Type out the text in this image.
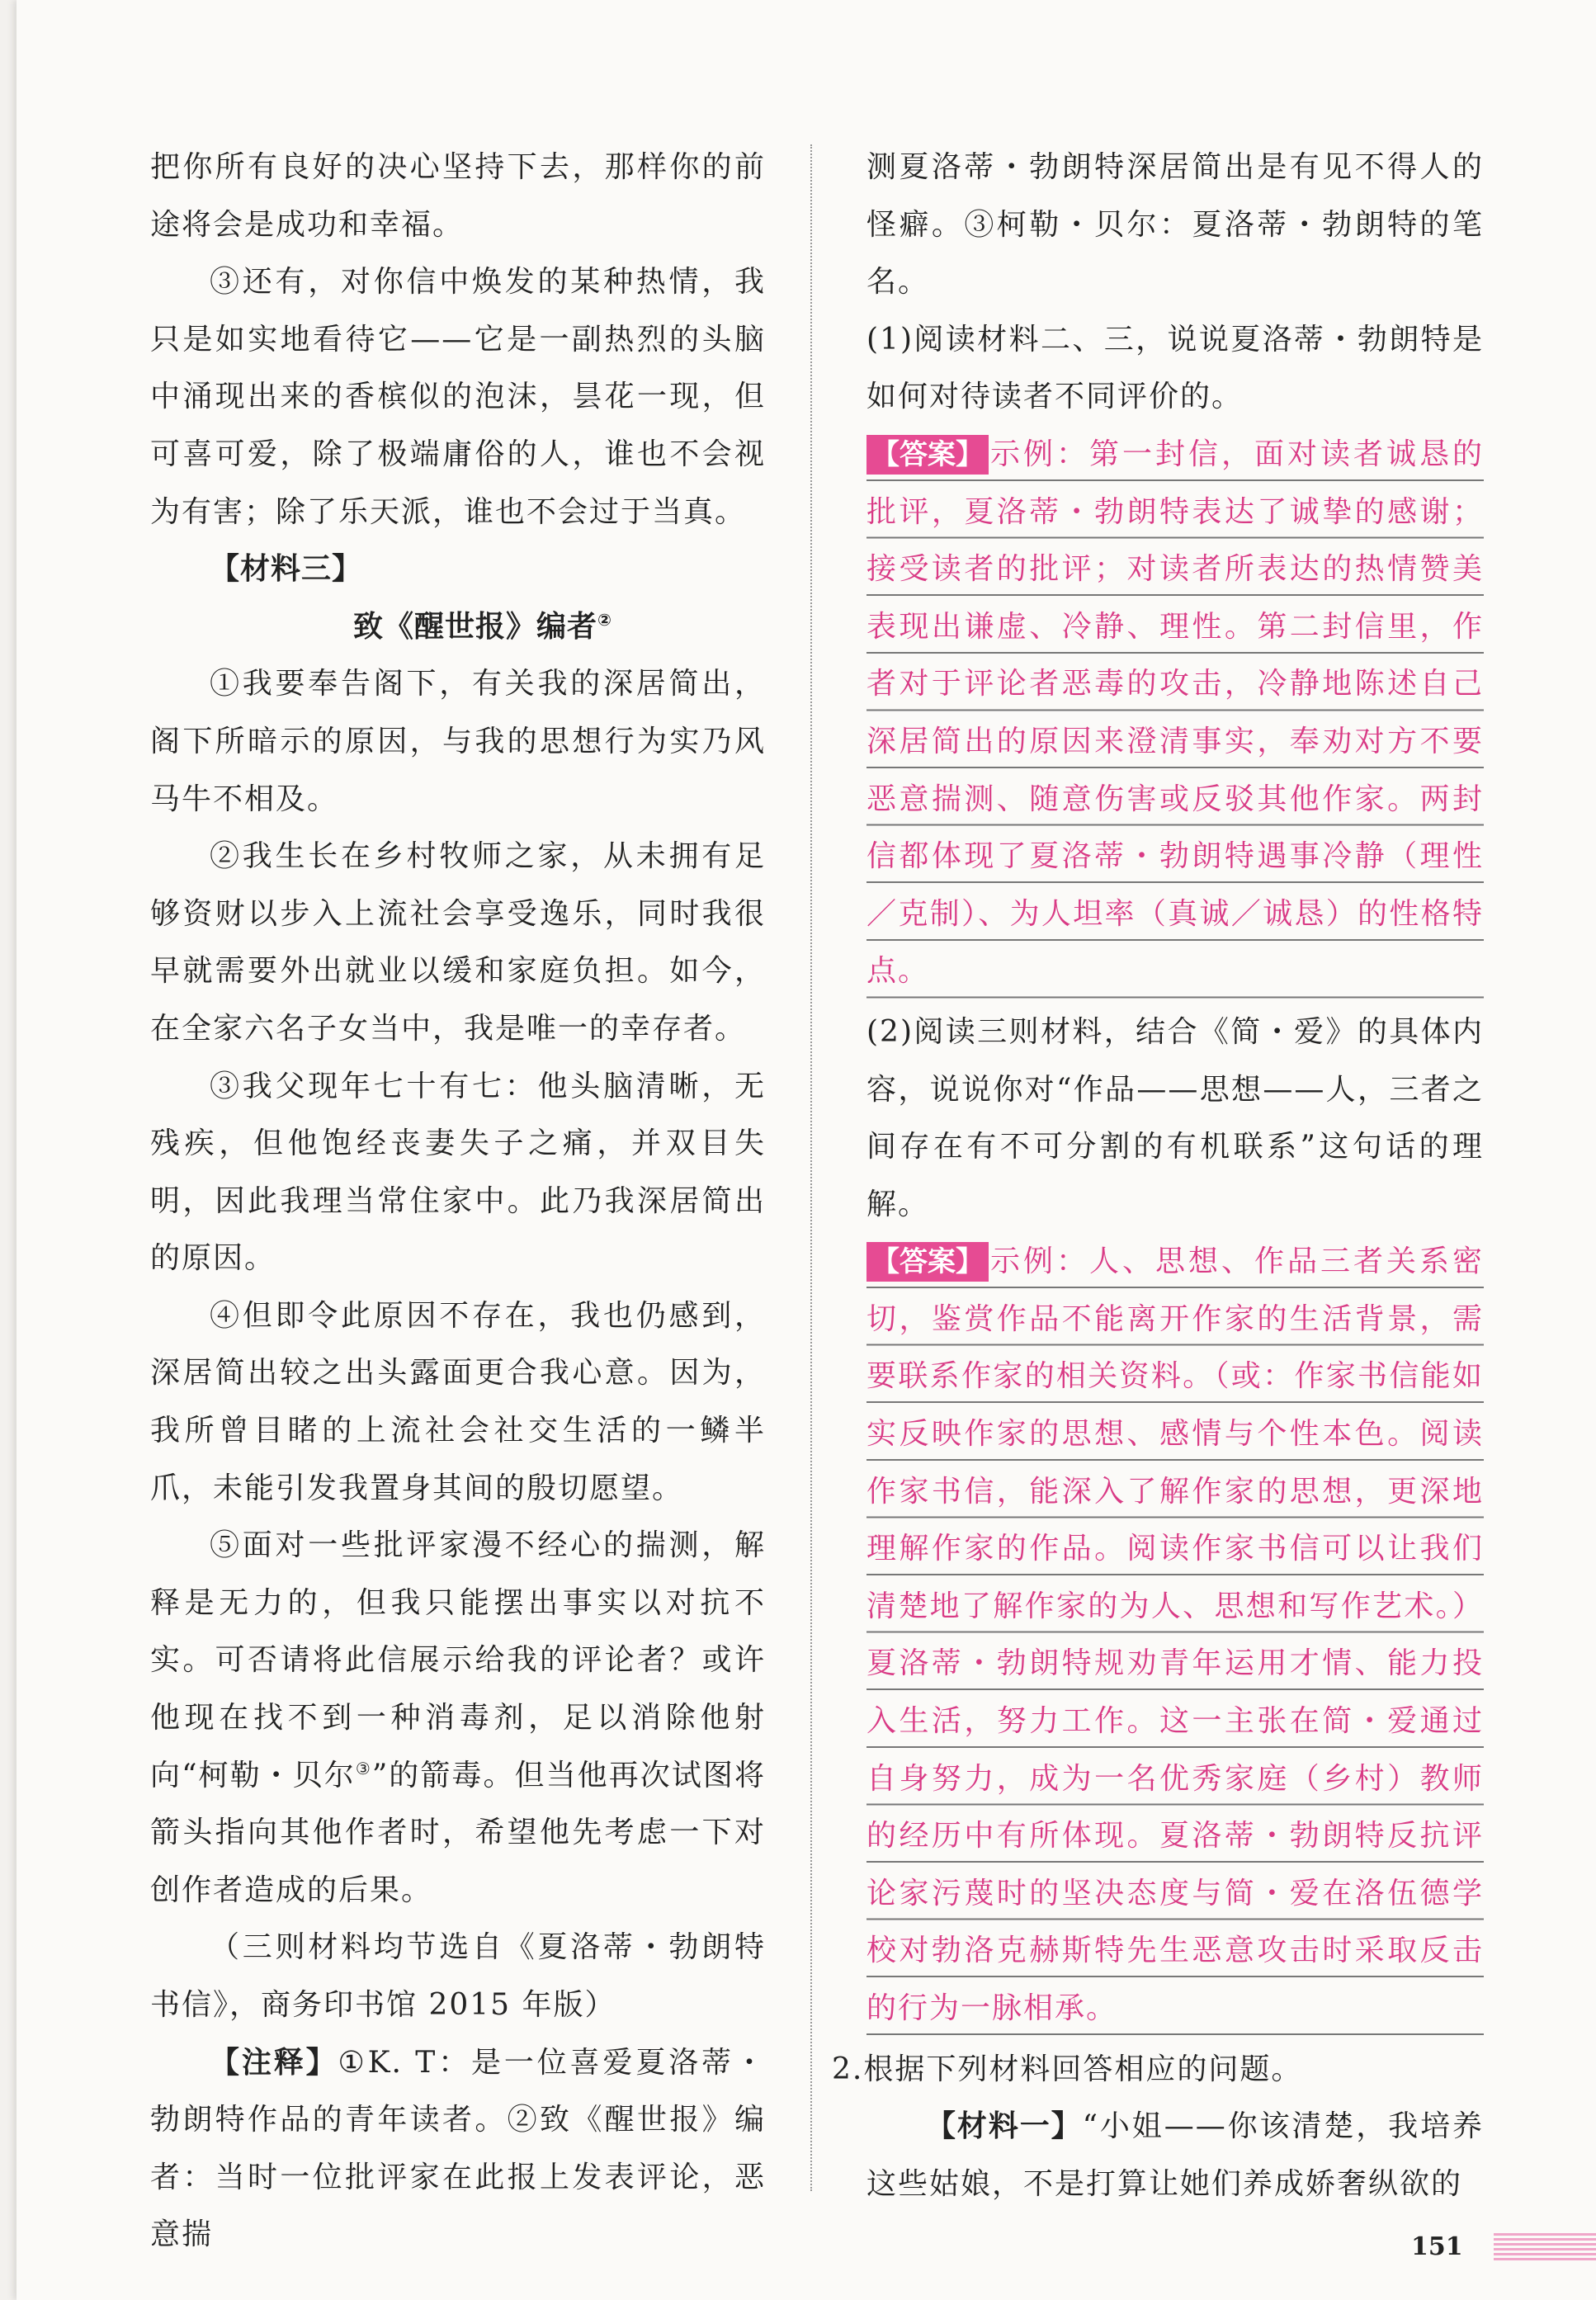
把你所有良好的决心坚持下去，那样你的前途将会是成功和幸福。

③还有，对你信中焕发的某种热情，我只是如实地看待它——它是一副热烈的头脑中涌现出来的香槟似的泡沫，昙花一现，但可喜可爱，除了极端庸俗的人，谁也不会视为有害；除了乐天派，谁也不会过于当真。

【材料三】

致《醒世报》编者②

①我要奉告阁下，有关我的深居简出，阁下所暗示的原因，与我的思想行为实乃风马牛不相及。

②我生长在乡村牧师之家，从未拥有足够资财以步入上流社会享受逸乐，同时我很早就需要外出就业以缓和家庭负担。如今，在全家六名子女当中，我是唯一的幸存者。

③我父现年七十有七：他头脑清晰，无残疾，但他饱经丧妻失子之痛，并双目失明，因此我理当常住家中。此乃我深居简出的原因。

④但即令此原因不存在，我也仍感到，深居简出较之出头露面更合我心意。因为，我所曾目睹的上流社会社交生活的一鳞半爪，未能引发我置身其间的殷切愿望。

⑤面对一些批评家漫不经心的揣测，解释是无力的，但我只能摆出事实以对抗不实。可否请将此信展示给我的评论者？或许他现在找不到一种消毒剂，足以消除他射向“柯勒・贝尔③”的箭毒。但当他再次试图将箭头指向其他作者时，希望他先考虑一下对创作者造成的后果。

（三则材料均节选自《夏洛蒂・勃朗特书信》，商务印书馆 2015 年版）

【注释】①K. T：是一位喜爱夏洛蒂・勃朗特作品的青年读者。②致《醒世报》编者：当时一位批评家在此报上发表评论，恶意揣

测夏洛蒂・勃朗特深居简出是有见不得人的怪癖。③柯勒・贝尔：夏洛蒂・勃朗特的笔名。

(1)阅读材料二、三，说说夏洛蒂・勃朗特是如何对待读者不同评价的。

【答案】 示例：第一封信，面对读者诚恳的批评，夏洛蒂・勃朗特表达了诚挚的感谢；接受读者的批评；对读者所表达的热情赞美表现出谦虚、冷静、理性。第二封信里，作者对于评论者恶毒的攻击，冷静地陈述自己深居简出的原因来澄清事实，奉劝对方不要恶意揣测、随意伤害或反驳其他作家。两封信都体现了夏洛蒂・勃朗特遇事冷静（理性／克制）、为人坦率（真诚／诚恳）的性格特点。

(2)阅读三则材料，结合《简・爱》的具体内容，说说你对“作品——思想——人，三者之间存在有不可分割的有机联系”这句话的理解。

【答案】 示例：人、思想、作品三者关系密切，鉴赏作品不能离开作家的生活背景，需要联系作家的相关资料。（或：作家书信能如实反映作家的思想、感情与个性本色。阅读作家书信，能深入了解作家的思想，更深地理解作家的作品。阅读作家书信可以让我们清楚地了解作家的为人、思想和写作艺术。）夏洛蒂・勃朗特规劝青年运用才情、能力投入生活，努力工作。这一主张在简・爱通过自身努力，成为一名优秀家庭（乡村）教师的经历中有所体现。夏洛蒂・勃朗特反抗评论家污蔑时的坚决态度与简・爱在洛伍德学校对勃洛克赫斯特先生恶意攻击时采取反击的行为一脉相承。

2.根据下列材料回答相应的问题。

【材料一】“小姐——你该清楚，我培养这些姑娘，不是打算让她们养成娇奢纵欲的

151
